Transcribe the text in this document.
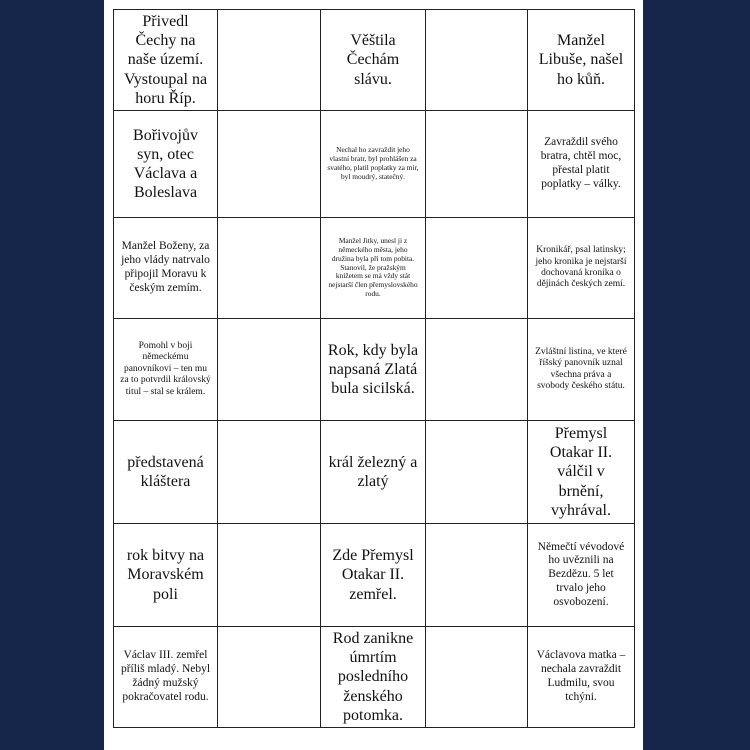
Přivedl Čechy na naše území. Vystoupal na horu Říp.		Věštila Čechám slávu.		Manžel Libuše, našel ho kůň.
Bořivojův syn, otec Václava a Boleslava		Nechal ho zavraždit jeho vlastní bratr, byl prohlášen za svatého, platil poplatky za mír, byl moudrý, statečný.		Zavraždil svého bratra, chtěl moc, přestal platit poplatky – války.
Manžel Boženy, za jeho vlády natrvalo připojil Moravu k českým zemím.		Manžel Jitky, unesl ji z německého města, jeho družina byla při tom pobita. Stanovil, že pražským knížetem se má vždy stát nejstarší člen přemyslovského rodu.		Kronikář, psal latinsky; jeho kronika je nejstarší dochovaná kronika o dějinách českých zemí.
Pomohl v boji německému panovníkovi – ten mu za to potvrdil královský titul – stal se králem.		Rok, kdy byla napsaná Zlatá bula sicilská.		Zvláštní listina, ve které říšský panovník uznal všechna práva a svobody českého státu.
představená kláštera		král železný a zlatý		Přemysl Otakar II. válčil v brnění, vyhrával.
rok bitvy na Moravském poli		Zde Přemysl Otakar II. zemřel.		Němečtí vévodové ho uvěznili na Bezdězu. 5 let trvalo jeho osvobození.
Václav III. zemřel příliš mladý. Nebyl žádný mužský pokračovatel rodu.		Rod zanikne úmrtím posledního ženského potomka.		Václavova matka – nechala zavraždit Ludmilu, svou tchýni.
